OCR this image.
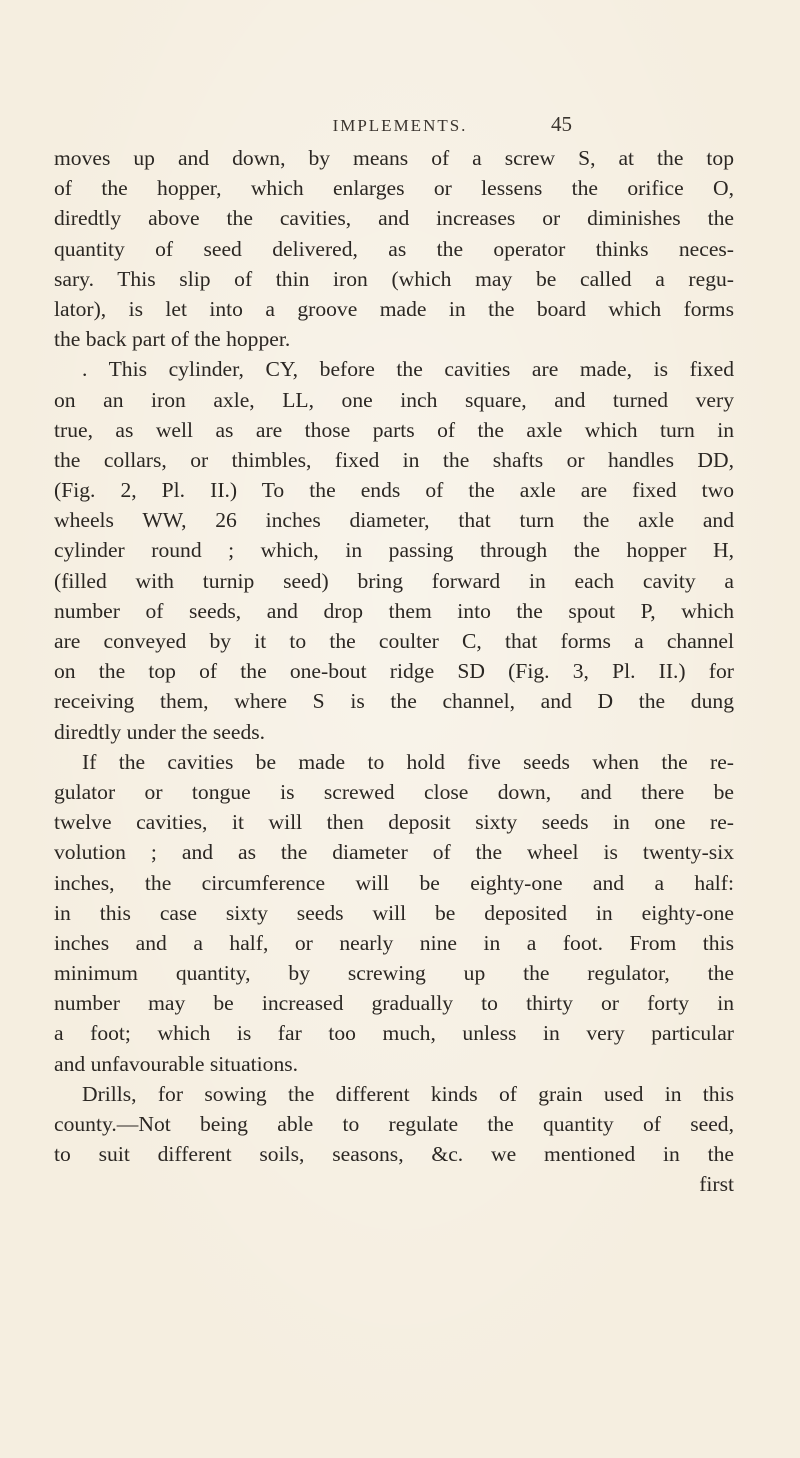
IMPLEMENTS.	45
moves up and down, by means of a screw S, at the top
of the hopper, which enlarges or lessens the orifice O,
diredtly above the cavities, and increases or diminishes the
quantity of seed delivered, as the operator thinks neces-
sary. This slip of thin iron (which may be called a regu-
lator), is let into a groove made in the board which forms
the back part of the hopper.
. This cylinder, CY, before the cavities are made, is fixed
on an iron axle, LL, one inch square, and turned very
true, as well as are those parts of the axle which turn in
the collars, or thimbles, fixed in the shafts or handles DD,
(Fig. 2, Pl. II.) To the ends of the axle are fixed two
wheels WW, 26 inches diameter, that turn the axle and
cylinder round ; which, in passing through the hopper H,
(filled with turnip seed) bring forward in each cavity a
number of seeds, and drop them into the spout P, which
are conveyed by it to the coulter C, that forms a channel
on the top of the one-bout ridge SD (Fig. 3, Pl. II.) for
receiving them, where S is the channel, and D the dung
diredtly under the seeds.
If the cavities be made to hold five seeds when the re-
gulator or tongue is screwed close down, and there be
twelve cavities, it will then deposit sixty seeds in one re-
volution ; and as the diameter of the wheel is twenty-six
inches, the circumference will be eighty-one and a half:
in this case sixty seeds will be deposited in eighty-one
inches and a half, or nearly nine in a foot. From this
minimum quantity, by screwing up the regulator, the
number may be increased gradually to thirty or forty in
a foot; which is far too much, unless in very particular
and unfavourable situations.
Drills, for sowing the different kinds of grain used in this
county.—Not being able to regulate the quantity of seed,
to suit different soils, seasons, &c. we mentioned in the
first
